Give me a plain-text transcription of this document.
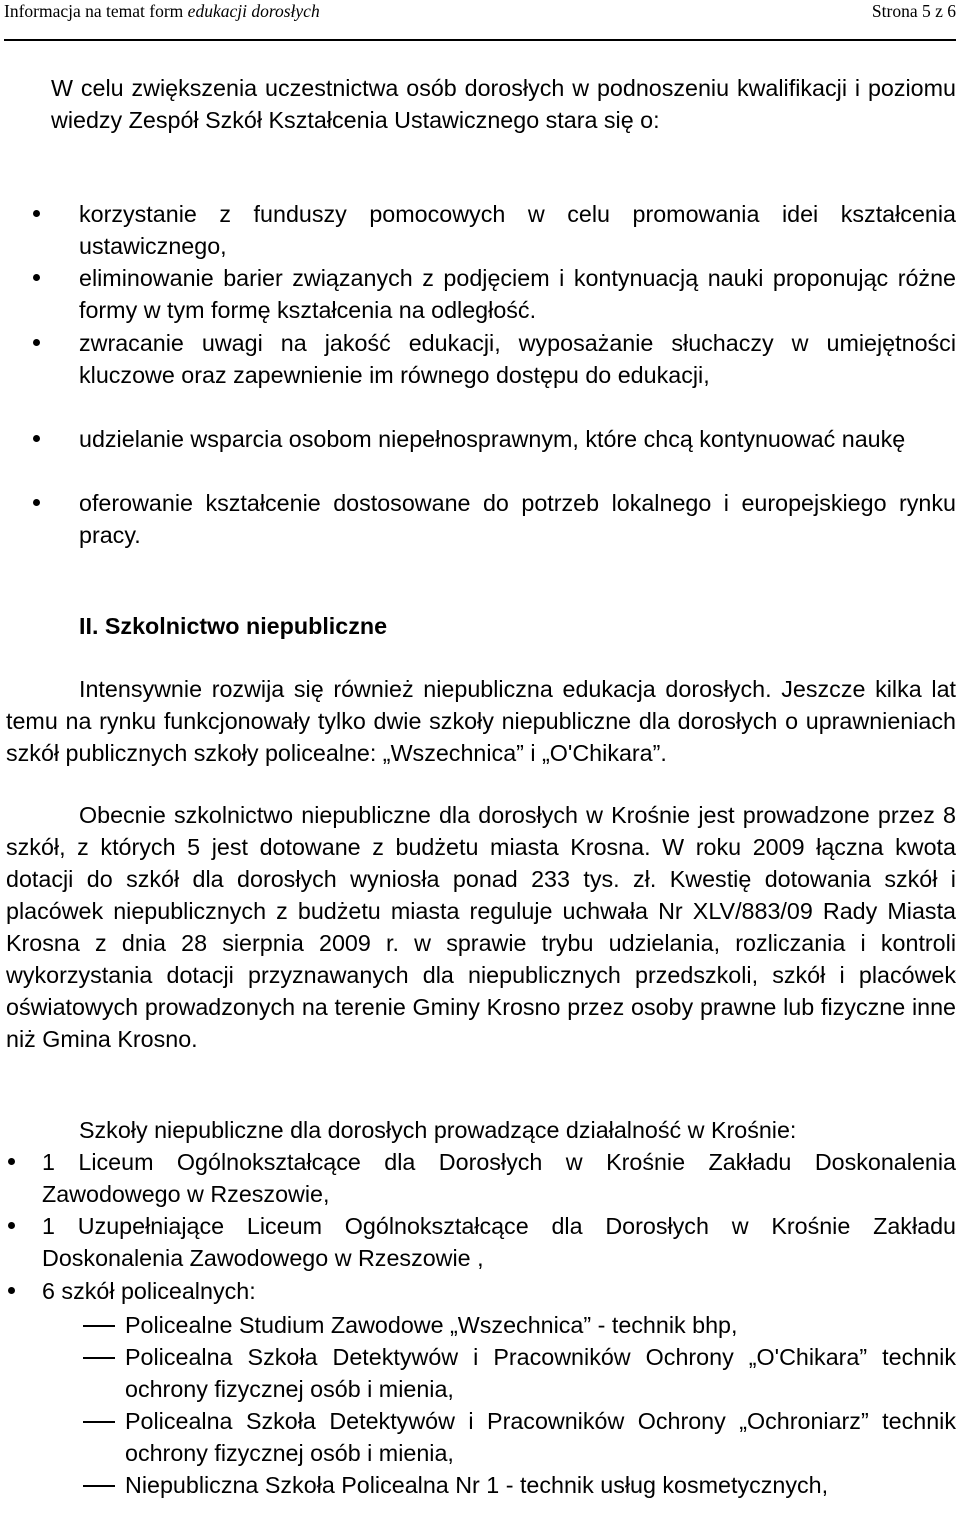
Informacja na temat form edukacji dorosłych	Strona 5 z 6
W celu zwiększenia uczestnictwa osób dorosłych w podnoszeniu kwalifikacji i poziomu wiedzy Zespół Szkół Kształcenia Ustawicznego stara się o:
korzystanie z funduszy pomocowych w celu promowania idei kształcenia ustawicznego,
eliminowanie barier związanych z podjęciem i kontynuacją nauki proponując różne formy w tym formę kształcenia na odległość.
zwracanie uwagi na jakość edukacji, wyposażanie słuchaczy w umiejętności kluczowe oraz zapewnienie im równego dostępu do edukacji,
udzielanie wsparcia osobom niepełnosprawnym, które chcą kontynuować naukę
oferowanie kształcenie dostosowane do potrzeb lokalnego i europejskiego rynku pracy.
II. Szkolnictwo niepubliczne
Intensywnie rozwija się również niepubliczna edukacja dorosłych. Jeszcze kilka lat temu na rynku funkcjonowały tylko dwie szkoły niepubliczne dla dorosłych o uprawnieniach szkół publicznych szkoły policealne: „Wszechnica” i „O'Chikara”.
Obecnie szkolnictwo niepubliczne dla dorosłych w Krośnie jest prowadzone przez 8 szkół, z których 5 jest dotowane z budżetu miasta Krosna. W roku 2009 łączna kwota dotacji do szkół dla dorosłych wyniosła ponad 233 tys. zł. Kwestię dotowania szkół i placówek niepublicznych z budżetu miasta reguluje uchwała Nr XLV/883/09 Rady Miasta Krosna z dnia 28 sierpnia 2009 r. w sprawie trybu udzielania, rozliczania i kontroli wykorzystania dotacji przyznawanych dla niepublicznych przedszkoli, szkół i placówek oświatowych prowadzonych na terenie Gminy Krosno przez osoby prawne lub fizyczne inne niż Gmina Krosno.
Szkoły niepubliczne dla dorosłych prowadzące działalność w Krośnie:
1 Liceum Ogólnokształcące dla Dorosłych w Krośnie Zakładu Doskonalenia Zawodowego w Rzeszowie,
1 Uzupełniające Liceum Ogólnokształcące dla Dorosłych w Krośnie Zakładu Doskonalenia Zawodowego w Rzeszowie ,
6 szkół policealnych:
Policealne Studium Zawodowe „Wszechnica” - technik bhp,
Policealna Szkoła Detektywów i Pracowników Ochrony „O'Chikara” technik ochrony fizycznej osób i mienia,
Policealna Szkoła Detektywów i Pracowników Ochrony „Ochroniarz” technik ochrony fizycznej osób i mienia,
Niepubliczna Szkoła Policealna Nr 1 - technik usług kosmetycznych,
